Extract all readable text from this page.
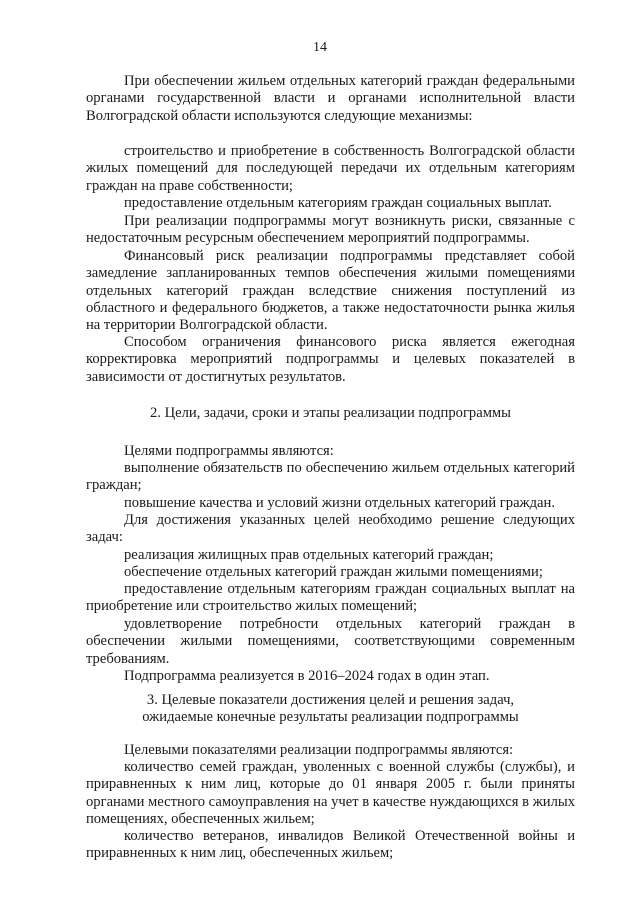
14

При обеспечении жильем отдельных категорий граждан федеральными органами государственной власти и органами исполнительной власти Волгоградской области используются следующие механизмы:

строительство и приобретение в собственность Волгоградской области жилых помещений для последующей передачи их отдельным категориям граждан на праве собственности;

предоставление отдельным категориям граждан социальных выплат.

При реализации подпрограммы могут возникнуть риски, связанные с недостаточным ресурсным обеспечением мероприятий подпрограммы.

Финансовый риск реализации подпрограммы представляет собой замедление запланированных темпов обеспечения жилыми помещениями отдельных категорий граждан вследствие снижения поступлений из областного и федерального бюджетов, а также недостаточности рынка жилья на территории Волгоградской области.

Способом ограничения финансового риска является ежегодная корректировка мероприятий подпрограммы и целевых показателей в зависимости от достигнутых результатов.

2. Цели, задачи, сроки и этапы реализации подпрограммы

Целями подпрограммы являются:

выполнение обязательств по обеспечению жильем отдельных категорий граждан;

повышение качества и условий жизни отдельных категорий граждан.

Для достижения указанных целей необходимо решение следующих задач:

реализация жилищных прав отдельных категорий граждан;

обеспечение отдельных категорий граждан жилыми помещениями;

предоставление отдельным категориям граждан социальных выплат на приобретение или строительство жилых помещений;

удовлетворение потребности отдельных категорий граждан в обеспечении жилыми помещениями, соответствующими современным требованиям.

Подпрограмма реализуется в 2016–2024 годах в один этап.

3. Целевые показатели достижения целей и решения задач,

ожидаемые конечные результаты реализации подпрограммы

Целевыми показателями реализации подпрограммы являются:

количество семей граждан, уволенных с военной службы (службы), и приравненных к ним лиц, которые до 01 января 2005 г. были приняты органами местного самоуправления на учет в качестве нуждающихся в жилых помещениях, обеспеченных жильем;

количество ветеранов, инвалидов Великой Отечественной войны и приравненных к ним лиц, обеспеченных жильем;
